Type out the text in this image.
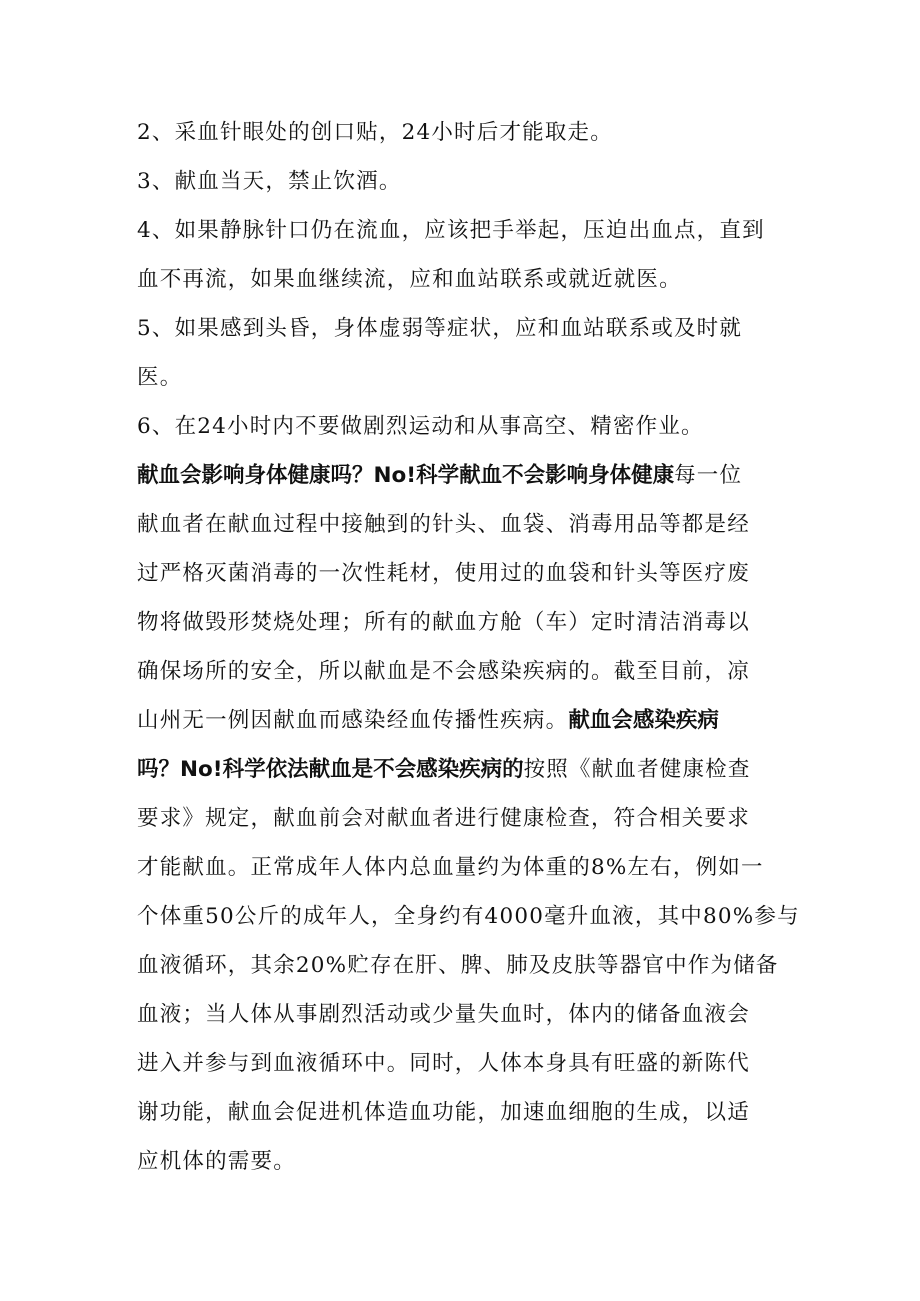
2、采血针眼处的创口贴，24小时后才能取走。
3、献血当天，禁止饮酒。
4、如果静脉针口仍在流血，应该把手举起，压迫出血点，直到
血不再流，如果血继续流，应和血站联系或就近就医。
5、如果感到头昏，身体虚弱等症状，应和血站联系或及时就
医。
6、在24小时内不要做剧烈运动和从事高空、精密作业。
献血会影响身体健康吗？No!科学献血不会影响身体健康每一位
献血者在献血过程中接触到的针头、血袋、消毒用品等都是经
过严格灭菌消毒的一次性耗材，使用过的血袋和针头等医疗废
物将做毁形焚烧处理；所有的献血方舱（车）定时清洁消毒以
确保场所的安全，所以献血是不会感染疾病的。截至目前，凉
山州无一例因献血而感染经血传播性疾病。献血会感染疾病
吗？No!科学依法献血是不会感染疾病的按照《献血者健康检查
要求》规定，献血前会对献血者进行健康检查，符合相关要求
才能献血。正常成年人体内总血量约为体重的8%左右，例如一
个体重50公斤的成年人，全身约有4000毫升血液，其中80%参与
血液循环，其余20%贮存在肝、脾、肺及皮肤等器官中作为储备
血液；当人体从事剧烈活动或少量失血时，体内的储备血液会
进入并参与到血液循环中。同时，人体本身具有旺盛的新陈代
谢功能，献血会促进机体造血功能，加速血细胞的生成，以适
应机体的需要。
